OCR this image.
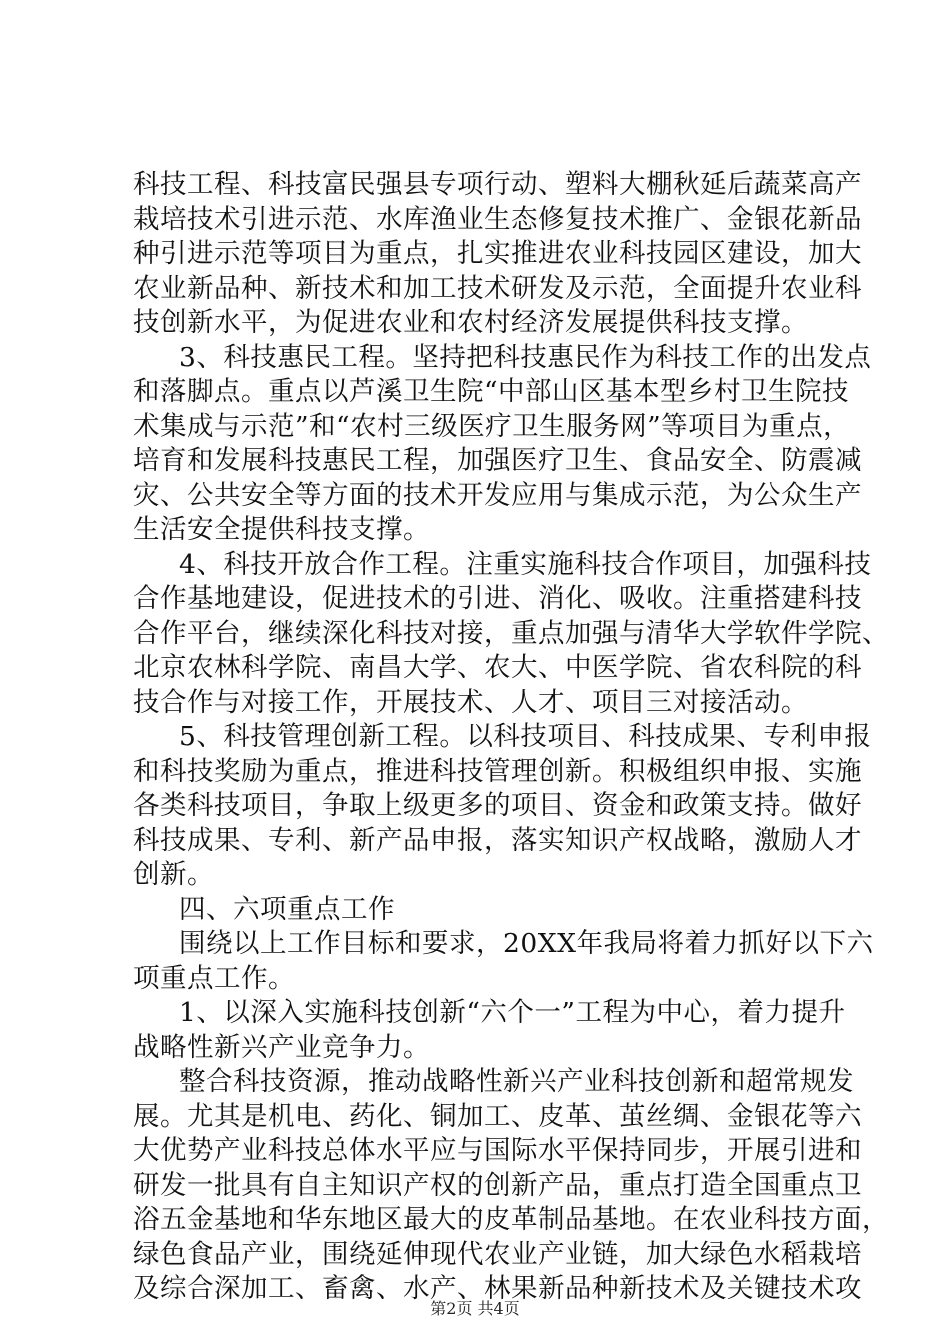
科技工程、科技富民强县专项行动、塑料大棚秋延后蔬菜高产
栽培技术引进示范、水库渔业生态修复技术推广、金银花新品
种引进示范等项目为重点，扎实推进农业科技园区建设，加大
农业新品种、新技术和加工技术研发及示范，全面提升农业科
技创新水平，为促进农业和农村经济发展提供科技支撑。
3、科技惠民工程。坚持把科技惠民作为科技工作的出发点
和落脚点。重点以芦溪卫生院“中部山区基本型乡村卫生院技
术集成与示范”和“农村三级医疗卫生服务网”等项目为重点，
培育和发展科技惠民工程，加强医疗卫生、食品安全、防震减
灾、公共安全等方面的技术开发应用与集成示范，为公众生产
生活安全提供科技支撑。
4、科技开放合作工程。注重实施科技合作项目，加强科技
合作基地建设，促进技术的引进、消化、吸收。注重搭建科技
合作平台，继续深化科技对接，重点加强与清华大学软件学院、
北京农林科学院、南昌大学、农大、中医学院、省农科院的科
技合作与对接工作，开展技术、人才、项目三对接活动。
5、科技管理创新工程。以科技项目、科技成果、专利申报
和科技奖励为重点，推进科技管理创新。积极组织申报、实施
各类科技项目，争取上级更多的项目、资金和政策支持。做好
科技成果、专利、新产品申报，落实知识产权战略，激励人才
创新。
四、六项重点工作
围绕以上工作目标和要求，20XX年我局将着力抓好以下六
项重点工作。
1、以深入实施科技创新“六个一”工程为中心，着力提升
战略性新兴产业竞争力。
整合科技资源，推动战略性新兴产业科技创新和超常规发
展。尤其是机电、药化、铜加工、皮革、茧丝绸、金银花等六
大优势产业科技总体水平应与国际水平保持同步，开展引进和
研发一批具有自主知识产权的创新产品，重点打造全国重点卫
浴五金基地和华东地区最大的皮革制品基地。在农业科技方面，
绿色食品产业，围绕延伸现代农业产业链，加大绿色水稻栽培
及综合深加工、畜禽、水产、林果新品种新技术及关键技术攻
第2页 共4页
